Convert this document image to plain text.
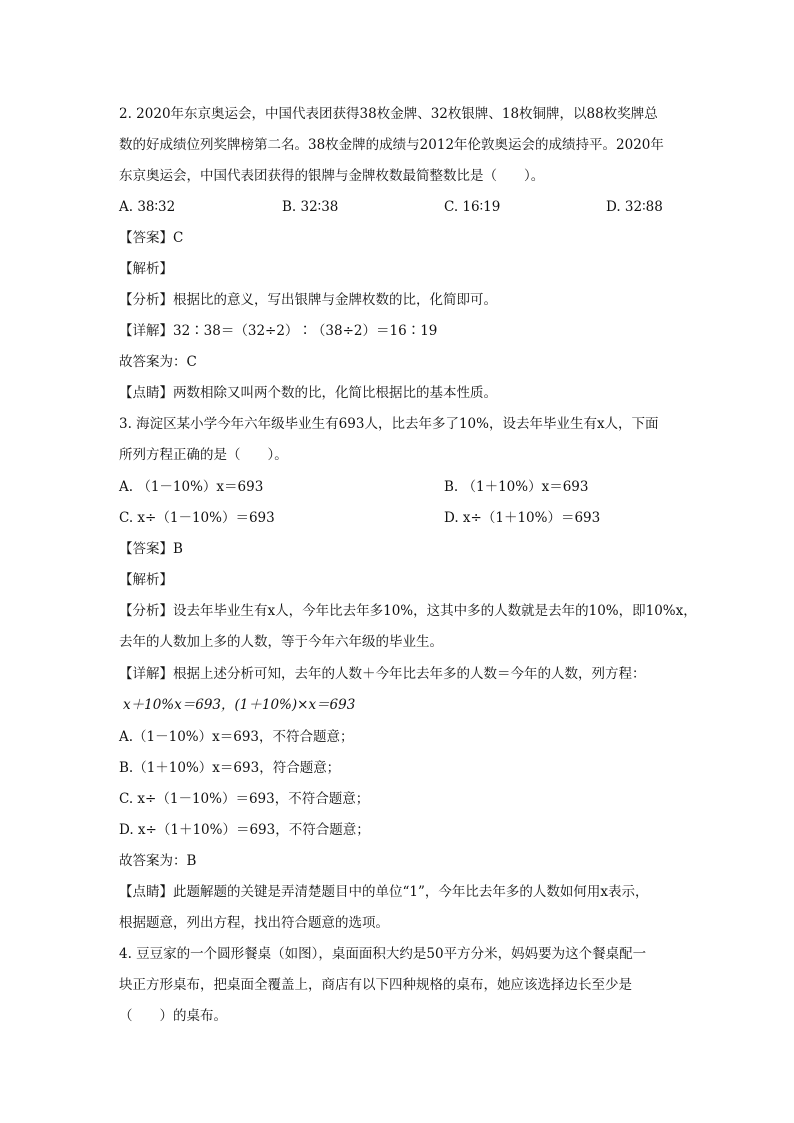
2. 2020年东京奥运会，中国代表团获得38枚金牌、32枚银牌、18枚铜牌，以88枚奖牌总
数的好成绩位列奖牌榜第二名。38枚金牌的成绩与2012年伦敦奥运会的成绩持平。2020年
东京奥运会，中国代表团获得的银牌与金牌枚数最简整数比是（　　）。
A. 38∶32	B. 32∶38	C. 16∶19	D. 32∶88
【答案】C
【解析】
【分析】根据比的意义，写出银牌与金牌枚数的比，化简即可。
【详解】32∶38＝（32÷2）∶（38÷2）＝16∶19
故答案为：C
【点睛】两数相除又叫两个数的比，化简比根据比的基本性质。
3. 海淀区某小学今年六年级毕业生有693人，比去年多了10%，设去年毕业生有x人，下面
所列方程正确的是（　　）。
A. （1－10%）x＝693	B. （1＋10%）x＝693
C. x÷（1－10%）＝693	D. x÷（1＋10%）＝693
【答案】B
【解析】
【分析】设去年毕业生有x人，今年比去年多10%，这其中多的人数就是去年的10%，即10%x，
去年的人数加上多的人数，等于今年六年级的毕业生。
【详解】根据上述分析可知，去年的人数＋今年比去年多的人数＝今年的人数，列方程：
x＋10%x＝693，(1＋10%)×x＝693
A.（1－10%）x＝693，不符合题意；
B.（1＋10%）x＝693，符合题意；
C. x÷（1－10%）＝693，不符合题意；
D. x÷（1＋10%）＝693，不符合题意；
故答案为：B
【点睛】此题解题的关键是弄清楚题目中的单位“1”，今年比去年多的人数如何用x表示，
根据题意，列出方程，找出符合题意的选项。
4. 豆豆家的一个圆形餐桌（如图），桌面面积大约是50平方分米，妈妈要为这个餐桌配一
块正方形桌布，把桌面全覆盖上，商店有以下四种规格的桌布，她应该选择边长至少是
（　　）的桌布。
